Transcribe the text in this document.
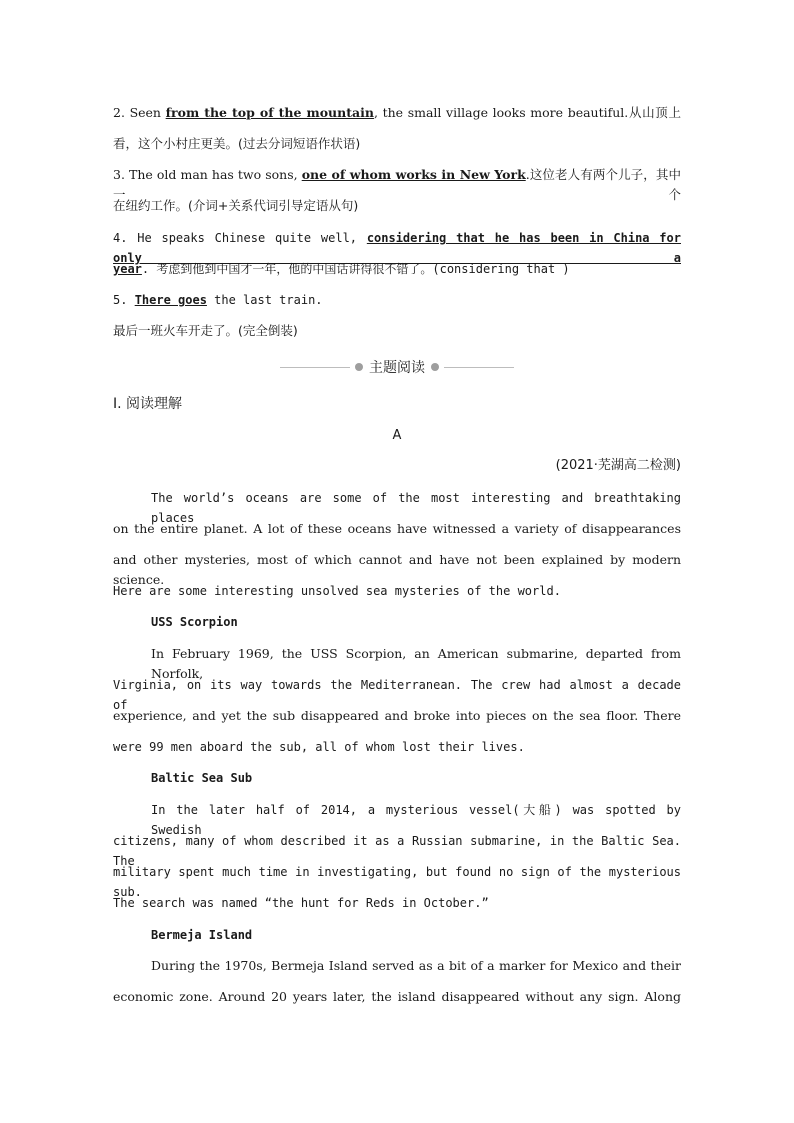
2. Seen from the top of the mountain, the small village looks more beautiful.从山顶上
看，这个小村庄更美。(过去分词短语作状语)
3. The old man has two sons, one of whom works in New York.这位老人有两个儿子，其中一个
在纽约工作。(介词+关系代词引导定语从句)
4. He speaks Chinese quite well, considering that he has been in China for only a
year. 考虑到他到中国才一年，他的中国话讲得很不错了。(considering that )
5. There goes the last train.
最后一班火车开走了。(完全倒装)
主题阅读
Ⅰ. 阅读理解
A
(2021·芜湖高二检测)
The world’s oceans are some of the most interesting and breathtaking places
on the entire planet. A lot of these oceans have witnessed a variety of disappearances
and other mysteries, most of which cannot and have not been explained by modern science.
Here are some interesting unsolved sea mysteries of the world.
USS Scorpion
In February 1969, the USS Scorpion, an American submarine, departed from Norfolk,
Virginia, on its way towards the Mediterranean. The crew had almost a decade of
experience, and yet the sub disappeared and broke into pieces on the sea floor. There
were 99 men aboard the sub, all of whom lost their lives.
Baltic Sea Sub
In the later half of 2014, a mysterious vessel(大船) was spotted by Swedish
citizens, many of whom described it as a Russian submarine, in the Baltic Sea. The
military spent much time in investigating, but found no sign of the mysterious sub.
The search was named “the hunt for Reds in October.”
Bermeja Island
During the 1970s, Bermeja Island served as a bit of a marker for Mexico and their
economic zone. Around 20 years later, the island disappeared without any sign. Along
